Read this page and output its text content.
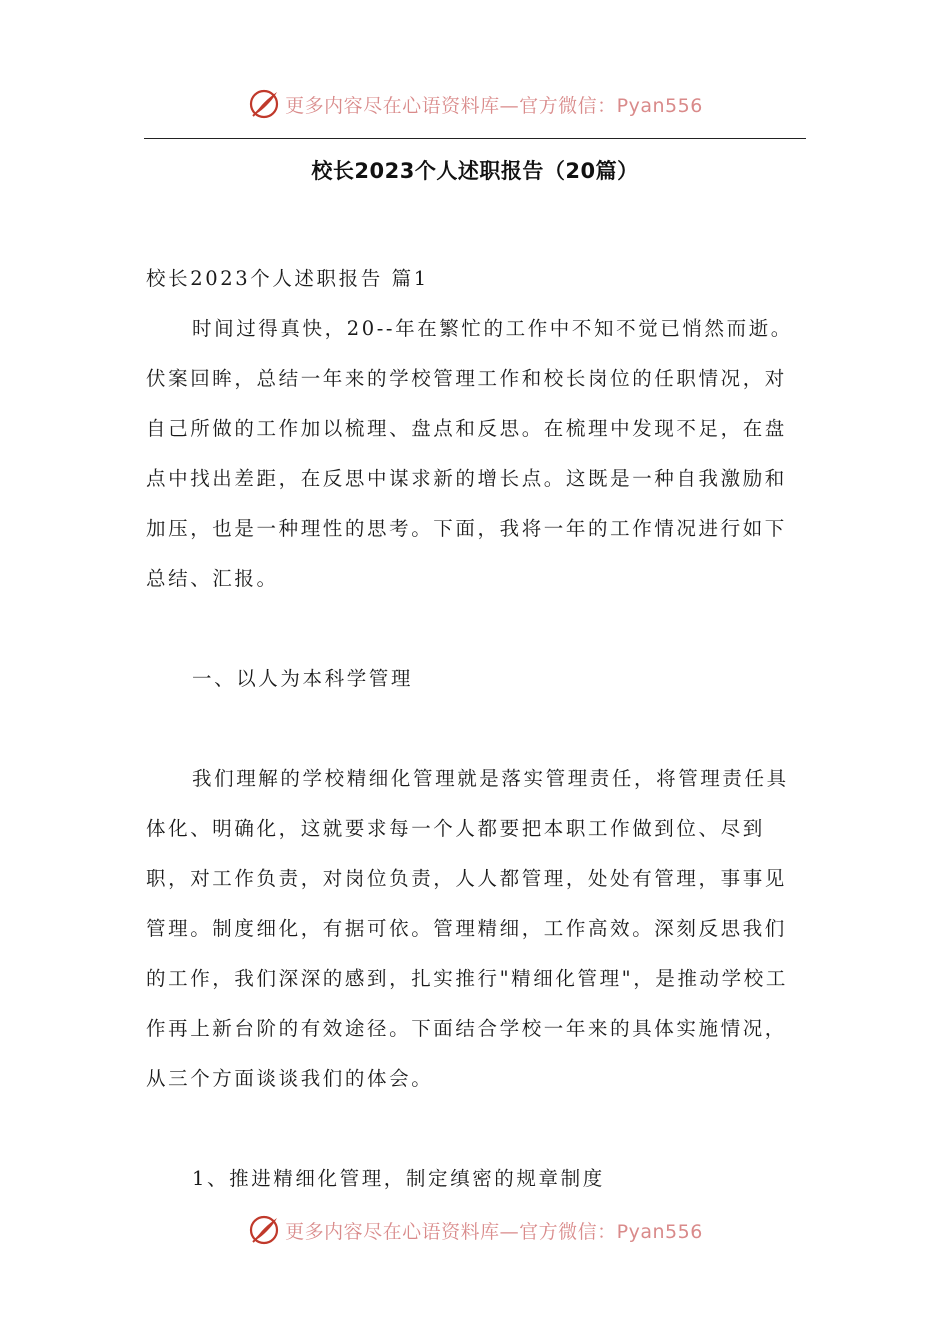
更多内容尽在心语资料库—官方微信：Pyan556
校长2023个人述职报告（20篇）

校长2023个人述职报告 篇1

时间过得真快，20--年在繁忙的工作中不知不觉已悄然而逝。伏案回眸，总结一年来的学校管理工作和校长岗位的任职情况，对自己所做的工作加以梳理、盘点和反思。在梳理中发现不足，在盘点中找出差距，在反思中谋求新的增长点。这既是一种自我激励和加压，也是一种理性的思考。下面，我将一年的工作情况进行如下总结、汇报。

一、以人为本科学管理

我们理解的学校精细化管理就是落实管理责任，将管理责任具体化、明确化，这就要求每一个人都要把本职工作做到位、尽到职，对工作负责，对岗位负责，人人都管理，处处有管理，事事见管理。制度细化，有据可依。管理精细，工作高效。深刻反思我们的工作，我们深深的感到，扎实推行"精细化管理"，是推动学校工作再上新台阶的有效途径。下面结合学校一年来的具体实施情况，从三个方面谈谈我们的体会。

1、推进精细化管理，制定缜密的规章制度

更多内容尽在心语资料库—官方微信：Pyan556
